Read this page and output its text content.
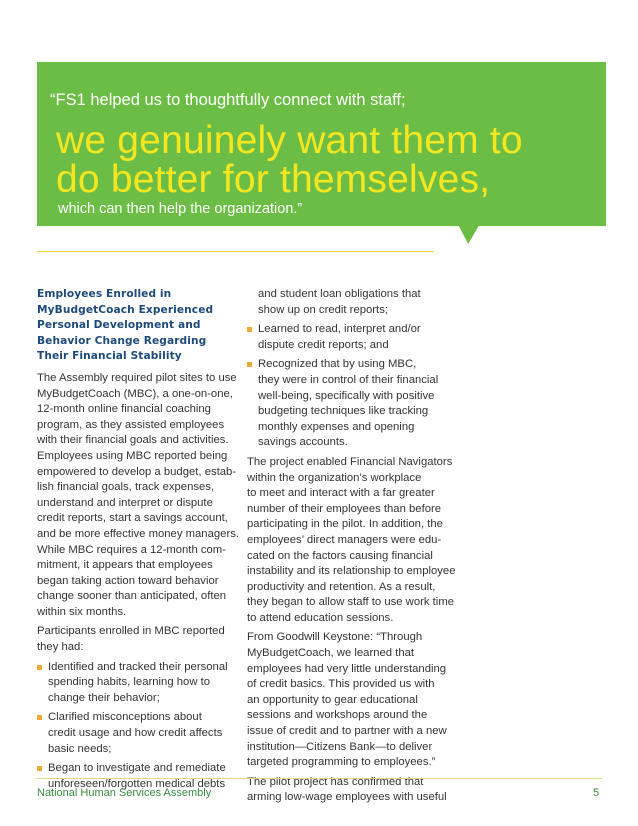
“FS1 helped us to thoughtfully connect with staff;
we genuinely want them to
do better for themselves,
which can then help the organization.”
Employees Enrolled in
MyBudgetCoach Experienced
Personal Development and
Behavior Change Regarding
Their Financial Stability
The Assembly required pilot sites to use
MyBudgetCoach (MBC), a one-on-one,
12-month online financial coaching
program, as they assisted employees
with their financial goals and activities.
Employees using MBC reported being
empowered to develop a budget, estab-
lish financial goals, track expenses,
understand and interpret or dispute
credit reports, start a savings account,
and be more effective money managers.
While MBC requires a 12-month com-
mitment, it appears that employees
began taking action toward behavior
change sooner than anticipated, often
within six months.
Participants enrolled in MBC reported
they had:
Identified and tracked their personal
spending habits, learning how to
change their behavior;
Clarified misconceptions about
credit usage and how credit affects
basic needs;
Began to investigate and remediate
unforeseen/forgotten medical debts
and student loan obligations that
show up on credit reports;
Learned to read, interpret and/or
dispute credit reports; and
Recognized that by using MBC,
they were in control of their financial
well-being, specifically with positive
budgeting techniques like tracking
monthly expenses and opening
savings accounts.
The project enabled Financial Navigators
within the organization’s workplace
to meet and interact with a far greater
number of their employees than before
participating in the pilot. In addition, the
employees’ direct managers were edu-
cated on the factors causing financial
instability and its relationship to employee
productivity and retention. As a result,
they began to allow staff to use work time
to attend education sessions.
From Goodwill Keystone: “Through
MyBudgetCoach, we learned that
employees had very little understanding
of credit basics. This provided us with
an opportunity to gear educational
sessions and workshops around the
issue of credit and to partner with a new
institution—Citizens Bank—to deliver
targeted programming to employees.”
The pilot project has confirmed that
arming low-wage employees with useful
National Human Services Assembly	5
